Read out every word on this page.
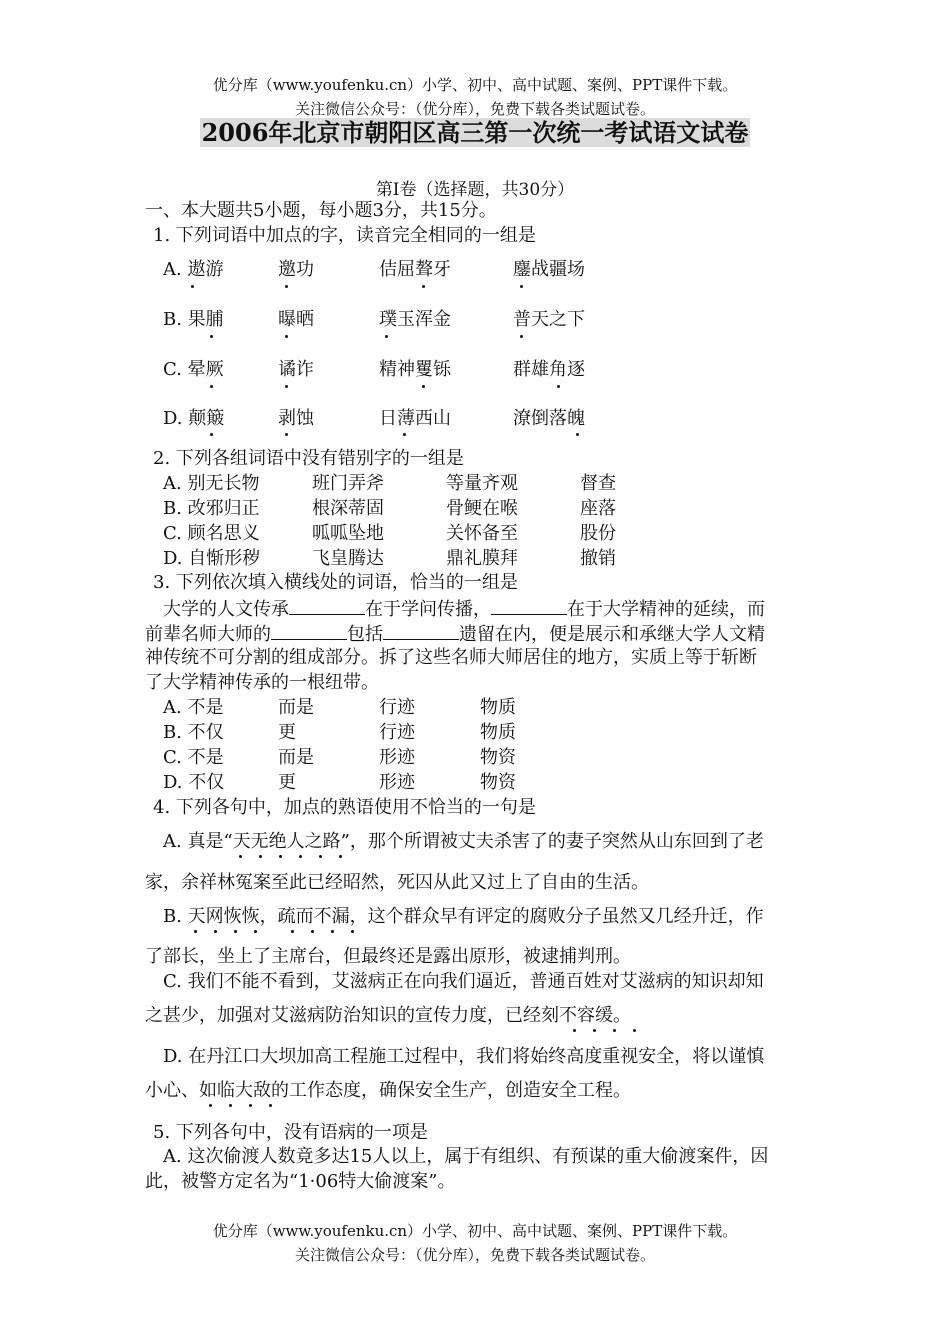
优分库（www.youfenku.cn）小学、初中、高中试题、案例、PPT课件下载。
关注微信公众号：（优分库），免费下载各类试题试卷。
2006年北京市朝阳区高三第一次统一考试语文试卷
第I卷（选择题，共30分）
一、本大题共5小题，每小题3分，共15分。
1. 下列词语中加点的字，读音完全相同的一组是
A. 遨游	邀功	佶屈聱牙	鏖战疆场
B. 果脯	曝晒	璞玉浑金	普天之下
C. 晕厥	谲诈	精神矍铄	群雄角逐
D. 颠簸	剥蚀	日薄西山	潦倒落魄
2. 下列各组词语中没有错别字的一组是
A. 别无长物	班门弄斧	等量齐观	督查
B. 改邪归正	根深蒂固	骨鲠在喉	座落
C. 顾名思义	呱呱坠地	关怀备至	股份
D. 自惭形秽	飞皇腾达	鼎礼膜拜	撤销
3. 下列依次填入横线处的词语，恰当的一组是
大学的人文传承	在于学问传播，	在于大学精神的延续，而
前辈名师大师的	包括	遗留在内，便是展示和承继大学人文精
神传统不可分割的组成部分。拆了这些名师大师居住的地方，实质上等于斩断
了大学精神传承的一根纽带。
A. 不是	而是	行迹	物质
B. 不仅	更	行迹	物质
C. 不是	而是	形迹	物资
D. 不仅	更	形迹	物资
4. 下列各句中，加点的熟语使用不恰当的一句是
A. 真是“天无绝人之路”，那个所谓被丈夫杀害了的妻子突然从山东回到了老
家，余祥林冤案至此已经昭然，死囚从此又过上了自由的生活。
B. 天网恢恢，疏而不漏，这个群众早有评定的腐败分子虽然又几经升迁，作
了部长，坐上了主席台，但最终还是露出原形，被逮捕判刑。
C. 我们不能不看到，艾滋病正在向我们逼近，普通百姓对艾滋病的知识却知
之甚少，加强对艾滋病防治知识的宣传力度，已经刻不容缓。
D. 在丹江口大坝加高工程施工过程中，我们将始终高度重视安全，将以谨慎
小心、如临大敌的工作态度，确保安全生产，创造安全工程。
5. 下列各句中，没有语病的一项是
A. 这次偷渡人数竟多达15人以上，属于有组织、有预谋的重大偷渡案件，因
此，被警方定名为“1·06特大偷渡案”。
优分库（www.youfenku.cn）小学、初中、高中试题、案例、PPT课件下载。
关注微信公众号：（优分库），免费下载各类试题试卷。
